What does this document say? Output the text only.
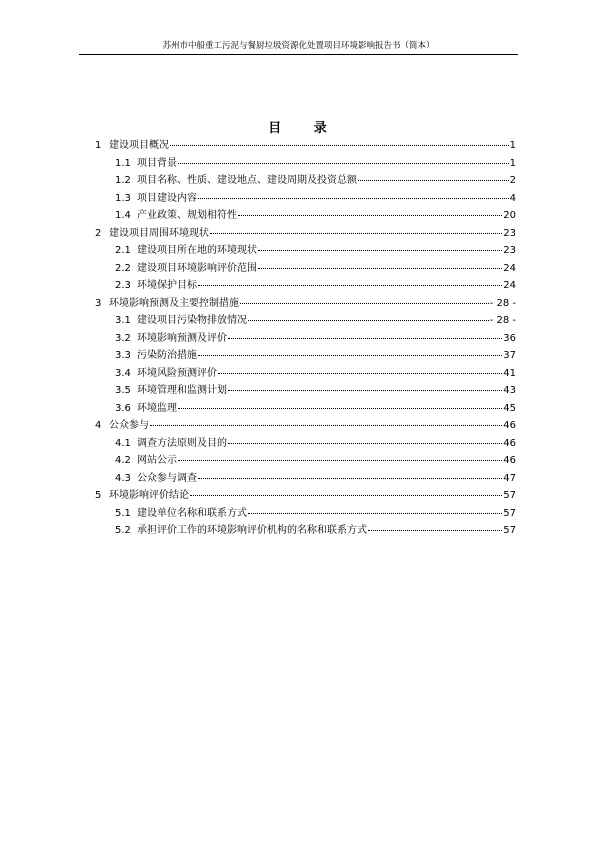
苏州市中船重工污泥与餐厨垃圾资源化处置项目环境影响报告书（简本）
目 录
1 建设项目概况	1
1.1 项目背景	1
1.2 项目名称、性质、建设地点、建设周期及投资总额	2
1.3 项目建设内容	4
1.4 产业政策、规划相符性	20
2 建设项目周围环境现状	23
2.1 建设项目所在地的环境现状	23
2.2 建设项目环境影响评价范围	24
2.3 环境保护目标	24
3 环境影响预测及主要控制措施	- 28 -
3.1 建设项目污染物排放情况	- 28 -
3.2 环境影响预测及评价	36
3.3 污染防治措施	37
3.4 环境风险预测评价	41
3.5 环境管理和监测计划	43
3.6 环境监理	45
4 公众参与	46
4.1 调查方法原则及目的	46
4.2 网站公示	46
4.3 公众参与调查	47
5 环境影响评价结论	57
5.1 建设单位名称和联系方式	57
5.2 承担评价工作的环境影响评价机构的名称和联系方式	57
